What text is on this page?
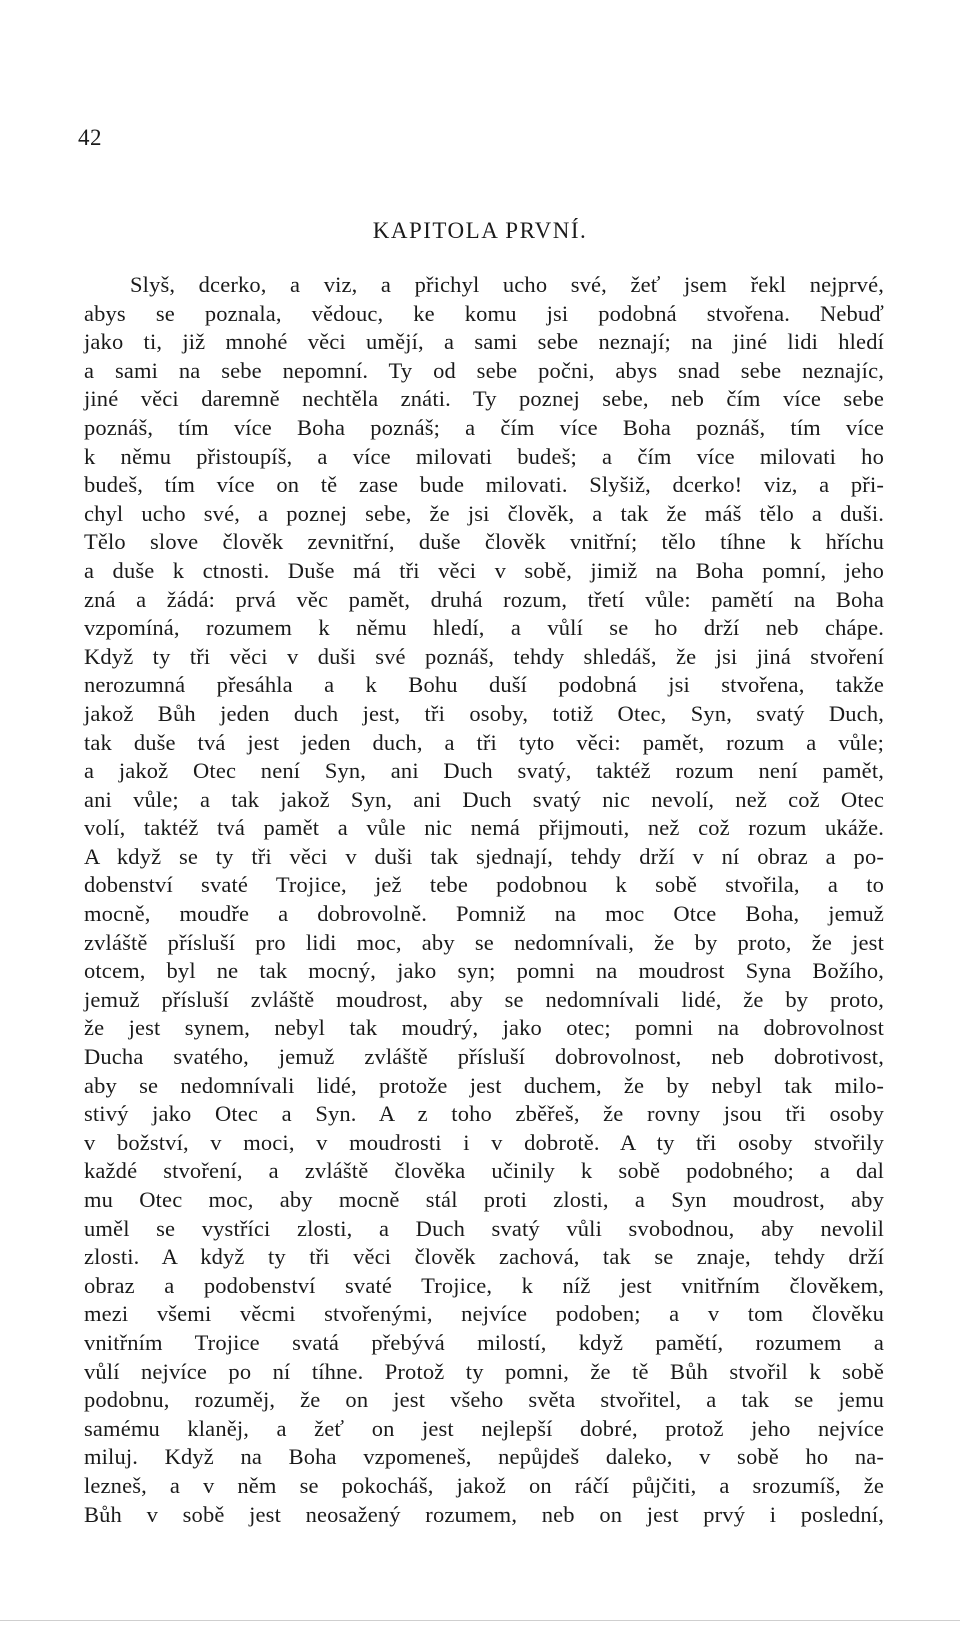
42
KAPITOLA PRVNÍ.
Slyš, dcerko, a viz, a přichyl ucho své, žeť jsem řekl nejprvé,
abys se poznala, vědouc, ke komu jsi podobná stvořena. Nebuď
jako ti, již mnohé věci umějí, a sami sebe neznají; na jiné lidi hledí
a sami na sebe nepomní. Ty od sebe počni, abys snad sebe neznajíc,
jiné věci daremně nechtěla znáti. Ty poznej sebe, neb čím více sebe
poznáš, tím více Boha poznáš; a čím více Boha poznáš, tím více
k němu přistoupíš, a více milovati budeš; a čím více milovati ho
budeš, tím více on tě zase bude milovati. Slyšiž, dcerko! viz, a při-
chyl ucho své, a poznej sebe, že jsi člověk, a tak že máš tělo a duši.
Tělo slove člověk zevnitřní, duše člověk vnitřní; tělo tíhne k hříchu
a duše k ctnosti. Duše má tři věci v sobě, jimiž na Boha pomní, jeho
zná a žádá: prvá věc pamět, druhá rozum, třetí vůle: pamětí na Boha
vzpomíná, rozumem k němu hledí, a vůlí se ho drží neb chápe.
Když ty tři věci v duši své poznáš, tehdy shledáš, že jsi jiná stvoření
nerozumná přesáhla a k Bohu duší podobná jsi stvořena, takže
jakož Bůh jeden duch jest, tři osoby, totiž Otec, Syn, svatý Duch,
tak duše tvá jest jeden duch, a tři tyto věci: pamět, rozum a vůle;
a jakož Otec není Syn, ani Duch svatý, taktéž rozum není pamět,
ani vůle; a tak jakož Syn, ani Duch svatý nic nevolí, než což Otec
volí, taktéž tvá pamět a vůle nic nemá přijmouti, než což rozum ukáže.
A když se ty tři věci v duši tak sjednají, tehdy drží v ní obraz a po-
dobenství svaté Trojice, jež tebe podobnou k sobě stvořila, a to
mocně, moudře a dobrovolně. Pomniž na moc Otce Boha, jemuž
zvláště přísluší pro lidi moc, aby se nedomnívali, že by proto, že jest
otcem, byl ne tak mocný, jako syn; pomni na moudrost Syna Božího,
jemuž přísluší zvláště moudrost, aby se nedomnívali lidé, že by proto,
že jest synem, nebyl tak moudrý, jako otec; pomni na dobrovolnost
Ducha svatého, jemuž zvláště přísluší dobrovolnost, neb dobrotivost,
aby se nedomnívali lidé, protože jest duchem, že by nebyl tak milo-
stivý jako Otec a Syn. A z toho zběřeš, že rovny jsou tři osoby
v božství, v moci, v moudrosti i v dobrotě. A ty tři osoby stvořily
každé stvoření, a zvláště člověka učinily k sobě podobného; a dal
mu Otec moc, aby mocně stál proti zlosti, a Syn moudrost, aby
uměl se vystříci zlosti, a Duch svatý vůli svobodnou, aby nevolil
zlosti. A když ty tři věci člověk zachová, tak se znaje, tehdy drží
obraz a podobenství svaté Trojice, k níž jest vnitřním člověkem,
mezi všemi věcmi stvořenými, nejvíce podoben; a v tom člověku
vnitřním Trojice svatá přebývá milostí, když pamětí, rozumem a
vůlí nejvíce po ní tíhne. Protož ty pomni, že tě Bůh stvořil k sobě
podobnu, rozuměj, že on jest všeho světa stvořitel, a tak se jemu
samému klaněj, a žeť on jest nejlepší dobré, protož jeho nejvíce
miluj. Když na Boha vzpomeneš, nepůjdeš daleko, v sobě ho na-
lezneš, a v něm se pokocháš, jakož on ráčí půjčiti, a srozumíš, že
Bůh v sobě jest neosažený rozumem, neb on jest prvý i poslední,
